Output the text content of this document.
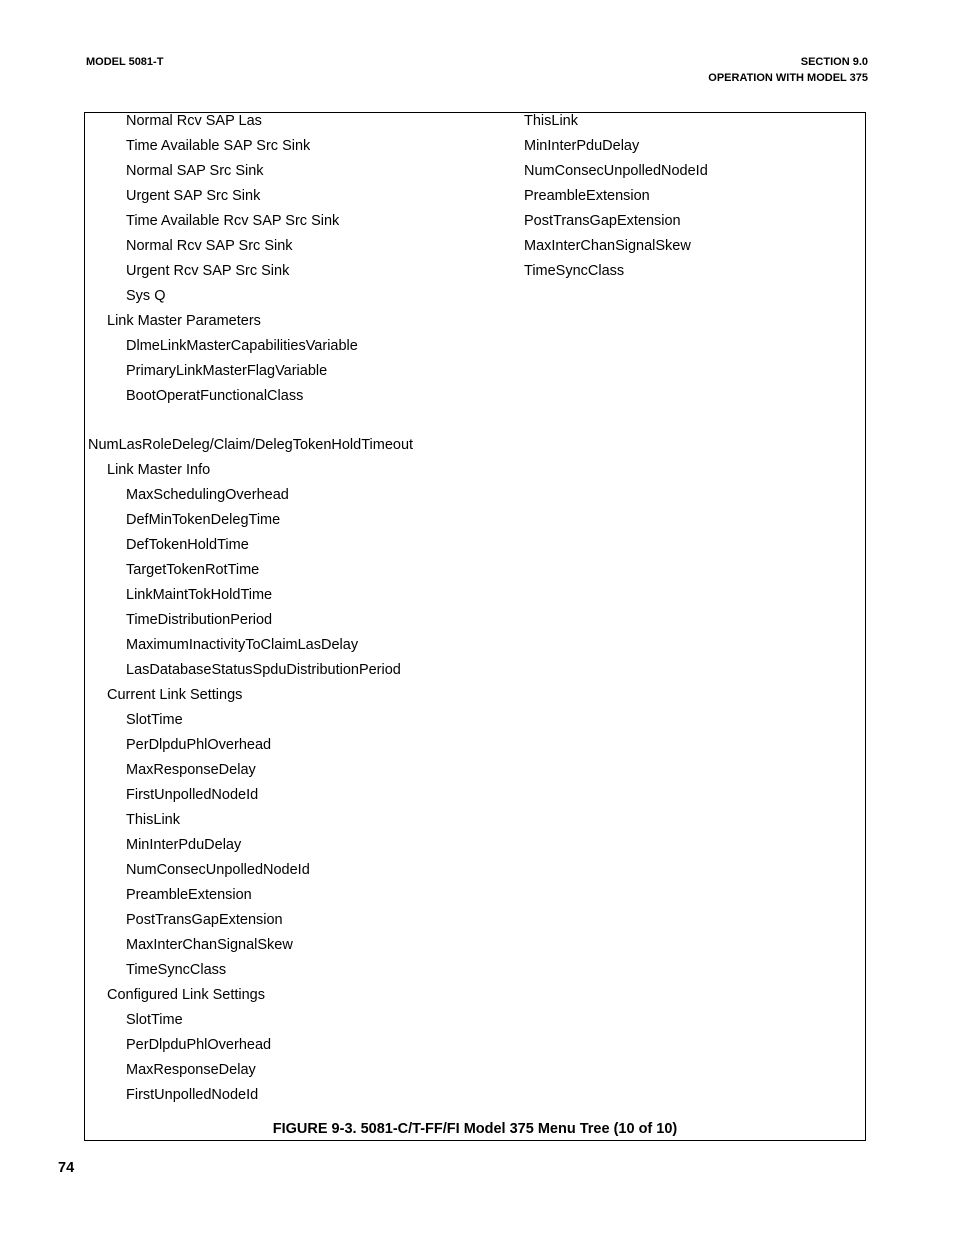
MODEL 5081-T	SECTION 9.0
OPERATION WITH MODEL 375
Normal Rcv SAP Las
Time Available SAP Src Sink
Normal SAP Src Sink
Urgent SAP Src Sink
Time Available Rcv SAP Src Sink
Normal Rcv SAP Src Sink
Urgent Rcv SAP Src Sink
Sys Q
Link Master Parameters
DlmeLinkMasterCapabilitiesVariable
PrimaryLinkMasterFlagVariable
BootOperatFunctionalClass
NumLasRoleDeleg/Claim/DelegTokenHoldTimeout
Link Master Info
MaxSchedulingOverhead
DefMinTokenDelegTime
DefTokenHoldTime
TargetTokenRotTime
LinkMaintTokHoldTime
TimeDistributionPeriod
MaximumInactivityToClaimLasDelay
LasDatabaseStatusSpduDistributionPeriod
Current Link Settings
SlotTime
PerDlpduPhlOverhead
MaxResponseDelay
FirstUnpolledNodeId
ThisLink
MinInterPduDelay
NumConsecUnpolledNodeId
PreambleExtension
PostTransGapExtension
MaxInterChanSignalSkew
TimeSyncClass
Configured Link Settings
SlotTime
PerDlpduPhlOverhead
MaxResponseDelay
FirstUnpolledNodeId
ThisLink
MinInterPduDelay
NumConsecUnpolledNodeId
PreambleExtension
PostTransGapExtension
MaxInterChanSignalSkew
TimeSyncClass
FIGURE 9-3. 5081-C/T-FF/FI Model 375 Menu Tree (10 of 10)
74
